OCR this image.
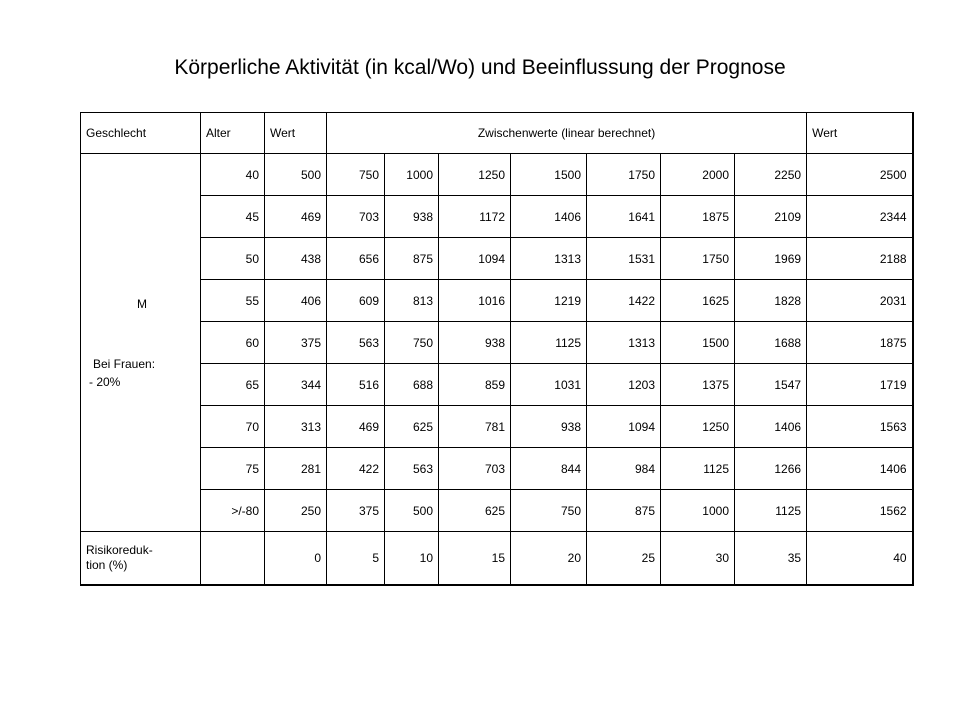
Körperliche Aktivität (in kcal/Wo) und Beeinflussung der Prognose
Geschlecht	Alter	Wert	Zwischenwerte (linear berechnet)							Wert

M
Bei Frauen:
- 20%	40	500	750	1000	1250	1500	1750	2000	2250	2500
	45	469	703	938	1172	1406	1641	1875	2109	2344
	50	438	656	875	1094	1313	1531	1750	1969	2188
	55	406	609	813	1016	1219	1422	1625	1828	2031
	60	375	563	750	938	1125	1313	1500	1688	1875
	65	344	516	688	859	1031	1203	1375	1547	1719
	70	313	469	625	781	938	1094	1250	1406	1563
	75	281	422	563	703	844	984	1125	1266	1406
	>/-80	250	375	500	625	750	875	1000	1125	1562
Risikoreduk-
tion (%)		0	5	10	15	20	25	30	35	40
